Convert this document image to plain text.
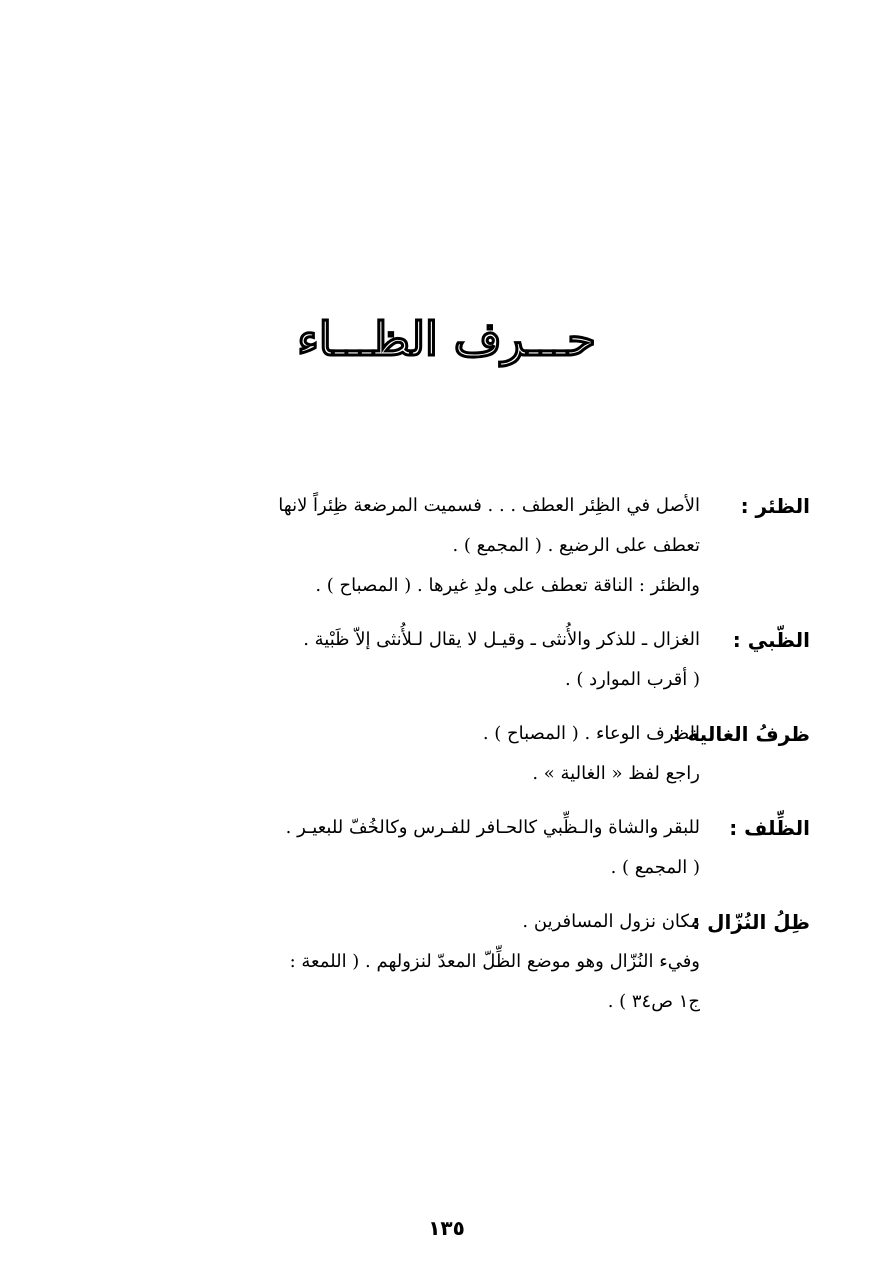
حـــرف الظـــاء
الظئر :
الأصل في الظِئر العطف . . . فسميت المرضعة ظِئراً لانها
تعطف على الرضيع . ( المجمع ) .
والظئر : الناقة تعطف على ولدِ غيرها . ( المصباح ) .
الظّبي :
الغزال ـ للذكر والأُنثى ـ وقيـل لا يقال لـلأُنثى إلاّ ظَبْية .
( أقرب الموارد ) .
ظرفُ الغالية :
الظرف الوعاء . ( المصباح ) .
راجع لفظ « الغالية » .
الظِّلف :
للبقر والشاة والـظِّبي كالحـافر للفـرس وكالخُفّ للبعيـر .
( المجمع ) .
ظِلُ النُزّال :
مكان نزول المسافرين .
وفيء النُزّال وهو موضع الظِّلّ المعدّ لنزولهم . ( اللمعة :
ج١ ص٣٤ ) .
١٣٥
